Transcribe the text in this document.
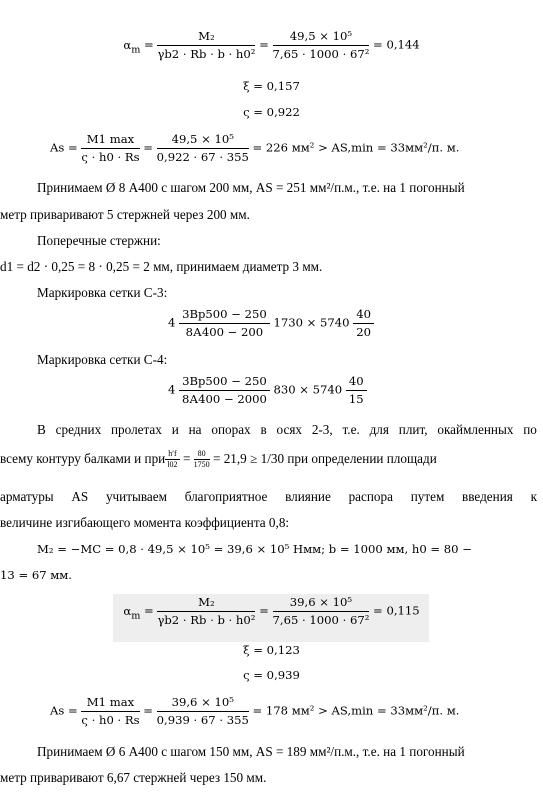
$\alpha_m = \frac{\text{M₂}}{\text{γb2 · Rb · b · h0²}} = \frac{\text{49,5 × 10⁵}}{\text{7,65 · 1000 · 67²}} = 0,144$
ξ = 0,157
ς = 0,922
$As = \frac{M1 \max}{\varsigma \cdot h0 \cdot Rs} = \frac{\text{49,5 × 10⁵}}{0,922 \cdot 67 \cdot 355} = 226$ мм² > AS,min = 33мм²/п. м.
Принимаем Ø 8 А400 с шагом 200 мм, AS = 251 мм²/п.м., т.е. на 1 погонный
метр приваривают 5 стержней через 200 мм.
Поперечные стержни:
d1 = d2 · 0,25 = 8 · 0,25 = 2 мм, принимаем диаметр 3 мм.
Маркировка сетки С-3:
$4 \frac{3Вр500 - 250}{8А400 - 200} 1730 \times 5740 \frac{40}{20}$
Маркировка сетки С-4:
$4 \frac{3Вр500 - 250}{8А400 - 2000} 830 \times 5740 \frac{40}{15}$
В средних пролетах и на опорах в осях 2-3, т.е. для плит, окаймленных по
всему контуру балками и при $\frac{h'f}{l02} = \frac{80}{1750} = 21,9 \ge 1/30$ при определении площади
арматуры AS учитываем благоприятное влияние распора путем введения к
величине изгибающего момента коэффициента 0,8:
M₂ = −MC = 0,8 · 49,5 × 10⁵ = 39,6 × 10⁵ Нмм; b = 1000 мм, h0 = 80 −
13 = 67 мм.
$\alpha_m = \frac{\text{M₂}}{\text{γb2 · Rb · b · h0²}} = \frac{\text{39,6 × 10⁵}}{\text{7,65 · 1000 · 67²}} = 0,115$
ξ = 0,123
ς = 0,939
$As = \frac{M1 \max}{\varsigma \cdot h0 \cdot Rs} = \frac{\text{39,6 × 10⁵}}{0,939 \cdot 67 \cdot 355} = 178$ мм² > AS,min = 33мм²/п. м.
Принимаем Ø 6 А400 с шагом 150 мм, AS = 189 мм²/п.м., т.е. на 1 погонный
метр приваривают 6,67 стержней через 150 мм.
